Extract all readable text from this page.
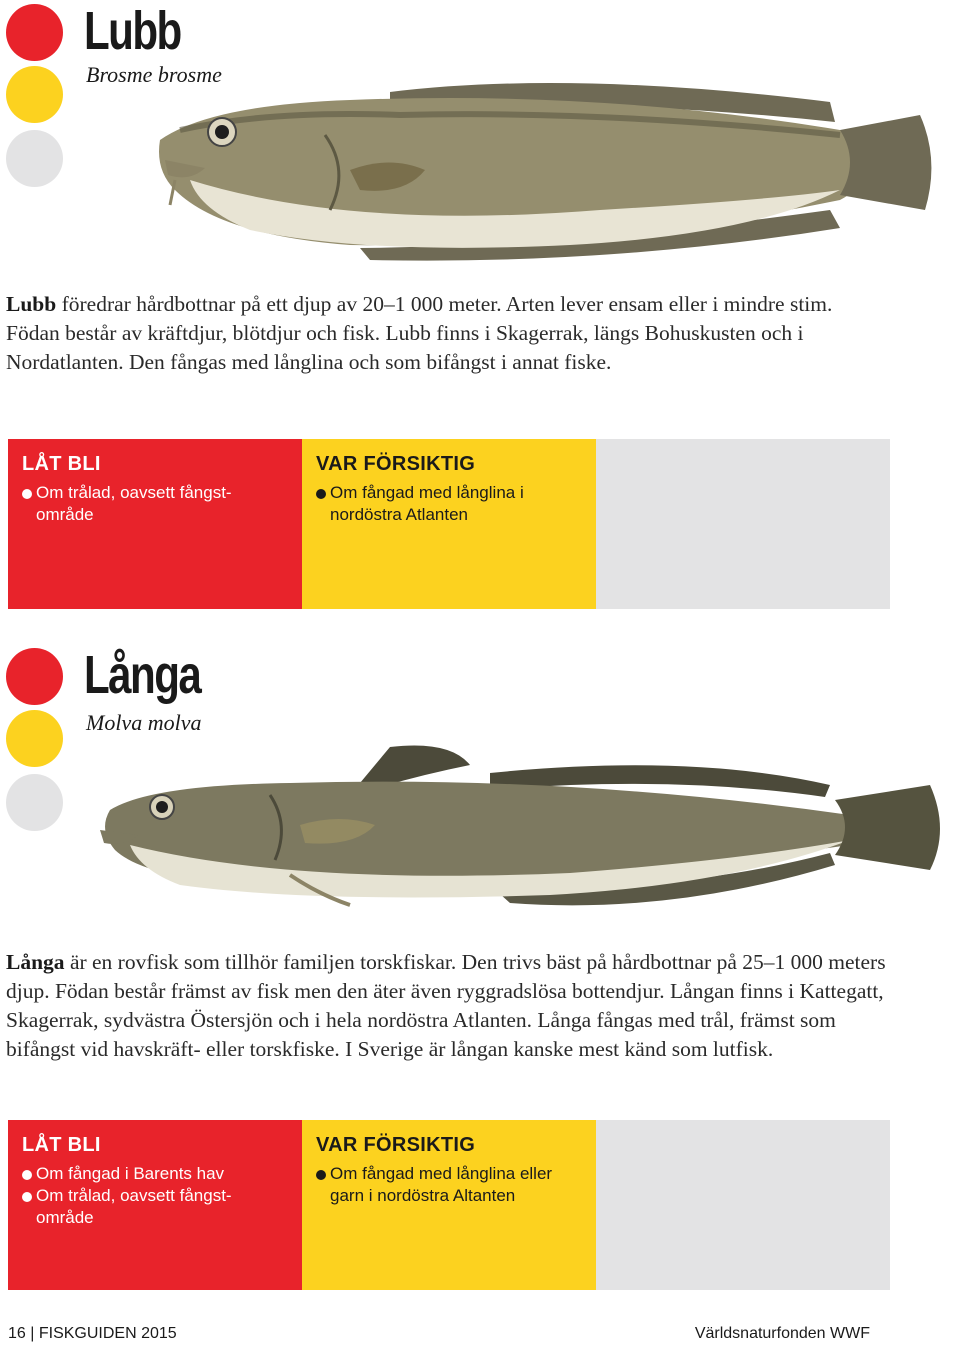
Lubb

Brosme brosme

Lubb föredrar hårdbottnar på ett djup av 20–1 000 meter. Arten lever ensam eller i mindre stim. Födan består av kräftdjur, blötdjur och fisk. Lubb finns i Skagerrak, längs Bohuskusten och i Nordatlanten. Den fångas med långlina och som bifångst i annat fiske.

LÅT BLI

Om trålad, oavsett fångst-område

VAR FÖRSIKTIG

Om fångad med långlina i nordöstra Atlanten
Långa

Molva molva

Långa är en rovfisk som tillhör familjen torskfiskar. Den trivs bäst på hårdbottnar på 25–1 000 meters djup. Födan består främst av fisk men den äter även ryggradslösa bottendjur. Långan finns i Kattegatt, Skagerrak, sydvästra Östersjön och i hela nordöstra Atlanten. Långa fångas med trål, främst som bifångst vid havskräft- eller torskfiske. I Sverige är långan kanske mest känd som lutfisk.

LÅT BLI

Om fångad i Barents hav
Om trålad, oavsett fångst-område

VAR FÖRSIKTIG

Om fångad med långlina eller garn i nordöstra Altanten
16 | FISKGUIDEN 2015	Världsnaturfonden WWF
